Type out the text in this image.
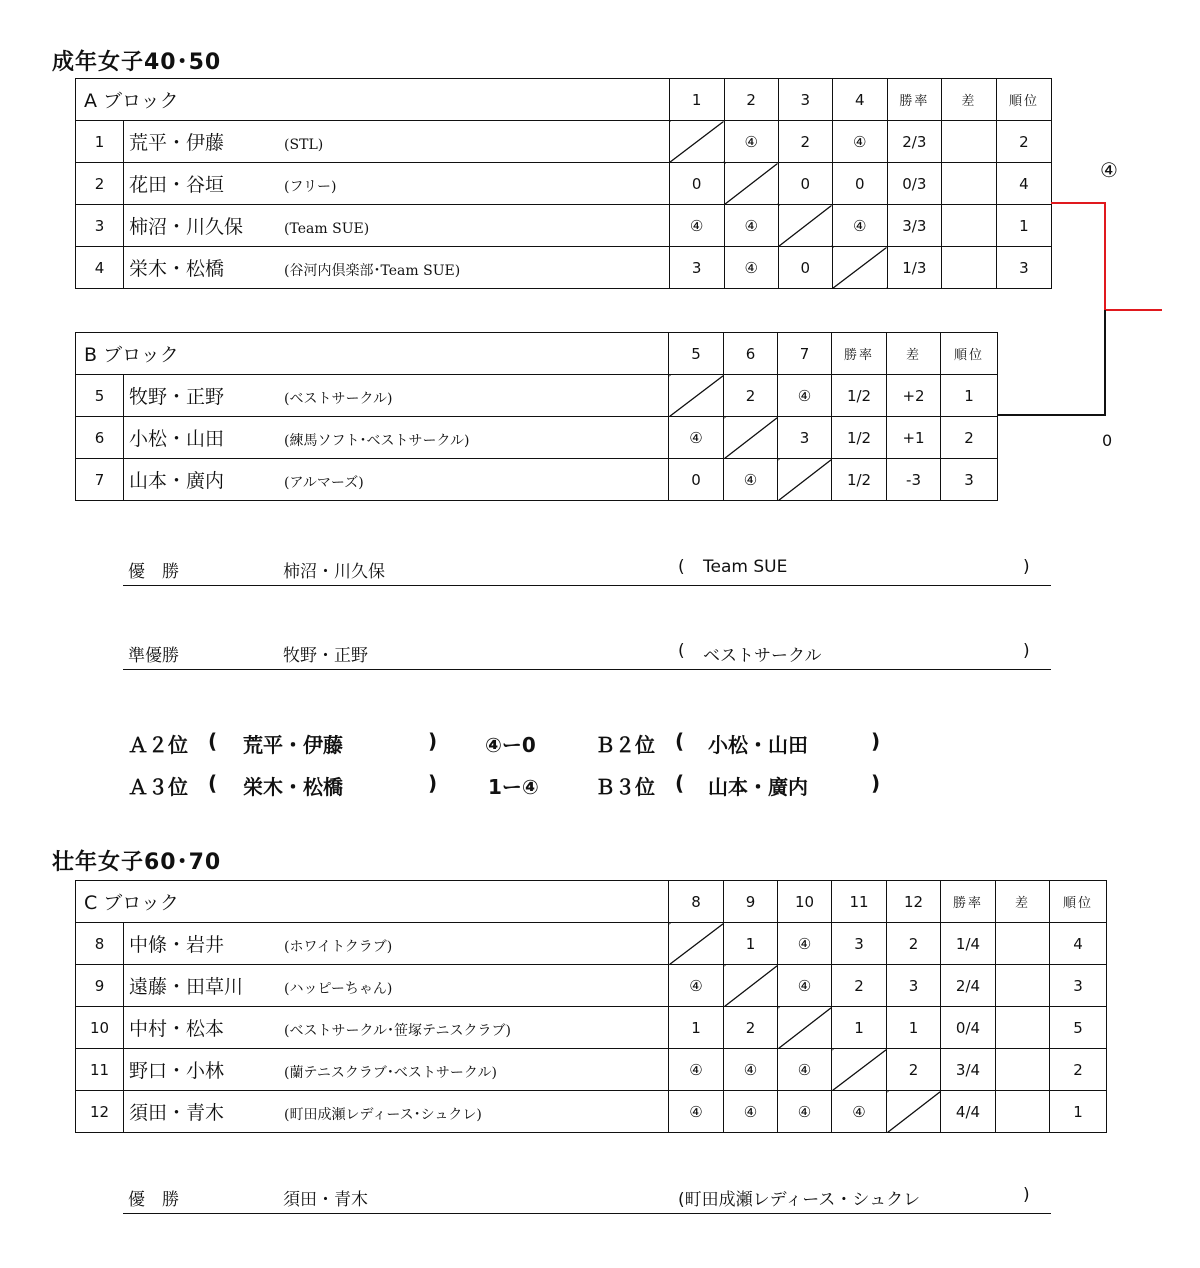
成年女子40･50
A ブロック		1	2	3	4	勝率	差	順位
1	荒平・伊藤 (STL)		④	2	④	2/3		2
2	花田・谷垣 (フリー)	0		0	0	0/3		4
3	柿沼・川久保 (Team SUE)	④	④		④	3/3		1
4	栄木・松橋 (谷河内倶楽部･Team SUE)	3	④	0		1/3		3
B ブロック		5	6	7	勝率	差	順位
5	牧野・正野 (ベストサークル)		2	④	1/2	+2	1
6	小松・山田 (練馬ソフト･ベストサークル)	④		3	1/2	+1	2
7	山本・廣内 (アルマーズ)	0	④		1/2	-3	3
④
0
優　勝	柿沼・川久保	( Team SUE	)
準優勝	牧野・正野	( ベストサークル	)
Ａ２位 ( 荒平・伊藤	) ④ー0	Ｂ２位 ( 小松・山田	)
Ａ３位 ( 栄木・松橋	)	1ー④	Ｂ３位 ( 山本・廣内	)
壮年女子60･70
C ブロック		8	9	10	11	12	勝率	差	順位
8	中條・岩井 (ホワイトクラブ)		1	④	3	2	1/4		4
9	遠藤・田草川 (ハッピーちゃん)	④		④	2	3	2/4		3
10	中村・松本 (ベストサークル･笹塚テニスクラブ)	1	2		1	1	0/4		5
11	野口・小林 (蘭テニスクラブ･ベストサークル)	④	④	④		2	3/4		2
12	須田・青木 (町田成瀬レディース･シュクレ)	④	④	④	④		4/4		1
優　勝	須田・青木	(町田成瀬レディース・シュクレ	)
